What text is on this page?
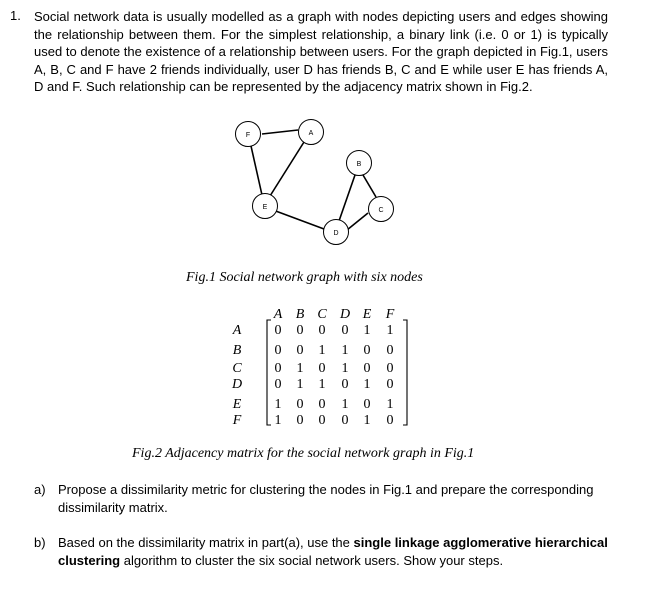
1. Social network data is usually modelled as a graph with nodes depicting users and edges showing the relationship between them. For the simplest relationship, a binary link (i.e. 0 or 1) is typically used to denote the existence of a relationship between users. For the graph depicted in Fig.1, users A, B, C and F have 2 friends individually, user D has friends B, C and E while user E has friends A, D and F. Such relationship can be represented by the adjacency matrix shown in Fig.2.
F	A
B
E	C
D
Fig.1 Social network graph with six nodes
A B C D E F
A
B
C
D
E
F
0 0 0 0 1 1
0 0 1 1 0 0
0 1 0 1 0 0
0 1 1 0 1 0
1 0 0 1 0 1
1 0 0 0 1 0
Fig.2 Adjacency matrix for the social network graph in Fig.1
a) Propose a dissimilarity metric for clustering the nodes in Fig.1 and prepare the corresponding dissimilarity matrix.
b) Based on the dissimilarity matrix in part(a), use the single linkage agglomerative hierarchical clustering algorithm to cluster the six social network users. Show your steps.
